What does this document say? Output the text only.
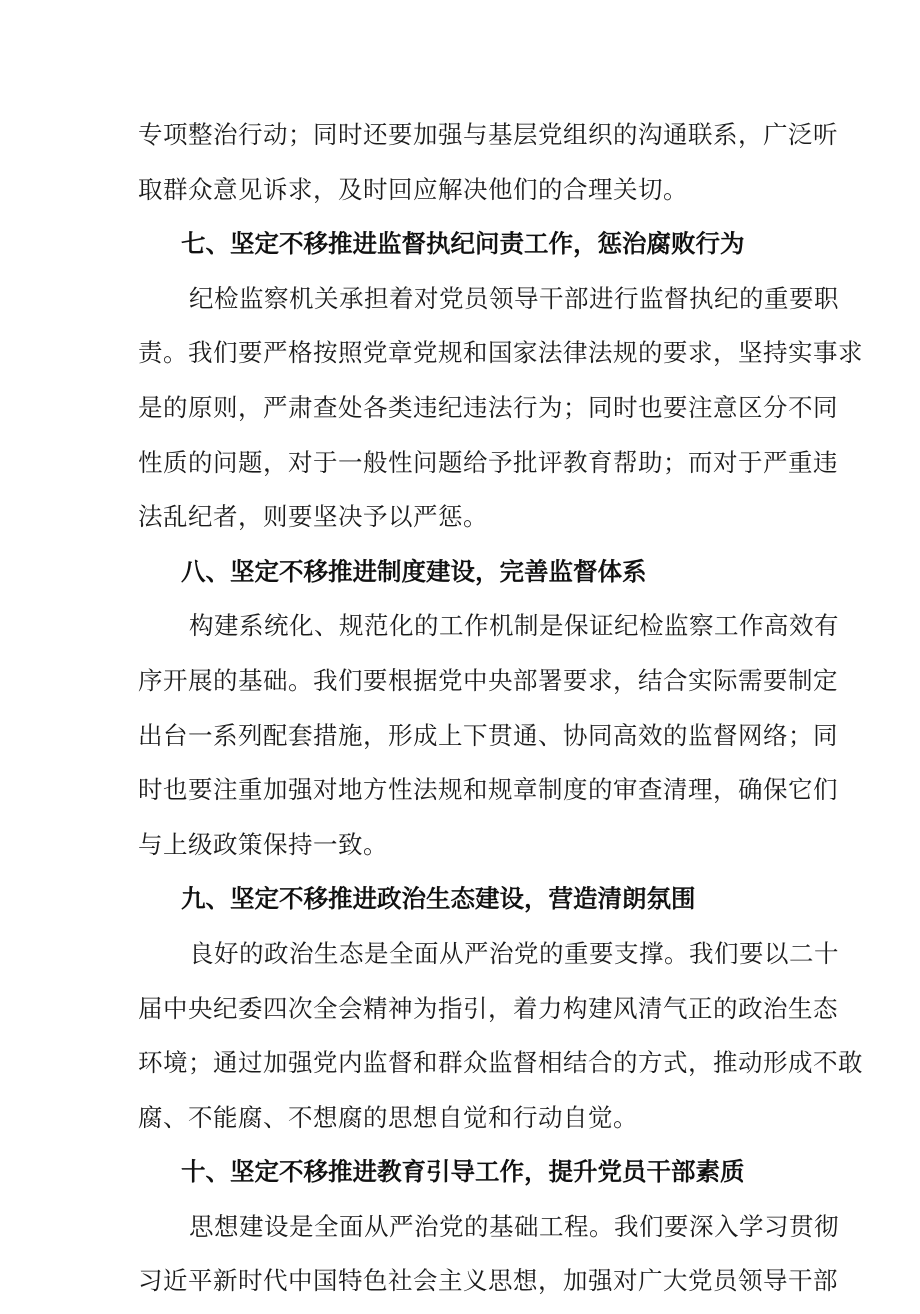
专项整治行动；同时还要加强与基层党组织的沟通联系，广泛听
取群众意见诉求，及时回应解决他们的合理关切。
七、坚定不移推进监督执纪问责工作，惩治腐败行为
纪检监察机关承担着对党员领导干部进行监督执纪的重要职
责。我们要严格按照党章党规和国家法律法规的要求，坚持实事求
是的原则，严肃查处各类违纪违法行为；同时也要注意区分不同
性质的问题，对于一般性问题给予批评教育帮助；而对于严重违
法乱纪者，则要坚决予以严惩。
八、坚定不移推进制度建设，完善监督体系
构建系统化、规范化的工作机制是保证纪检监察工作高效有
序开展的基础。我们要根据党中央部署要求，结合实际需要制定
出台一系列配套措施，形成上下贯通、协同高效的监督网络；同
时也要注重加强对地方性法规和规章制度的审查清理，确保它们
与上级政策保持一致。
九、坚定不移推进政治生态建设，营造清朗氛围
良好的政治生态是全面从严治党的重要支撑。我们要以二十
届中央纪委四次全会精神为指引，着力构建风清气正的政治生态
环境；通过加强党内监督和群众监督相结合的方式，推动形成不敢
腐、不能腐、不想腐的思想自觉和行动自觉。
十、坚定不移推进教育引导工作，提升党员干部素质
思想建设是全面从严治党的基础工程。我们要深入学习贯彻
习近平新时代中国特色社会主义思想，加强对广大党员领导干部
